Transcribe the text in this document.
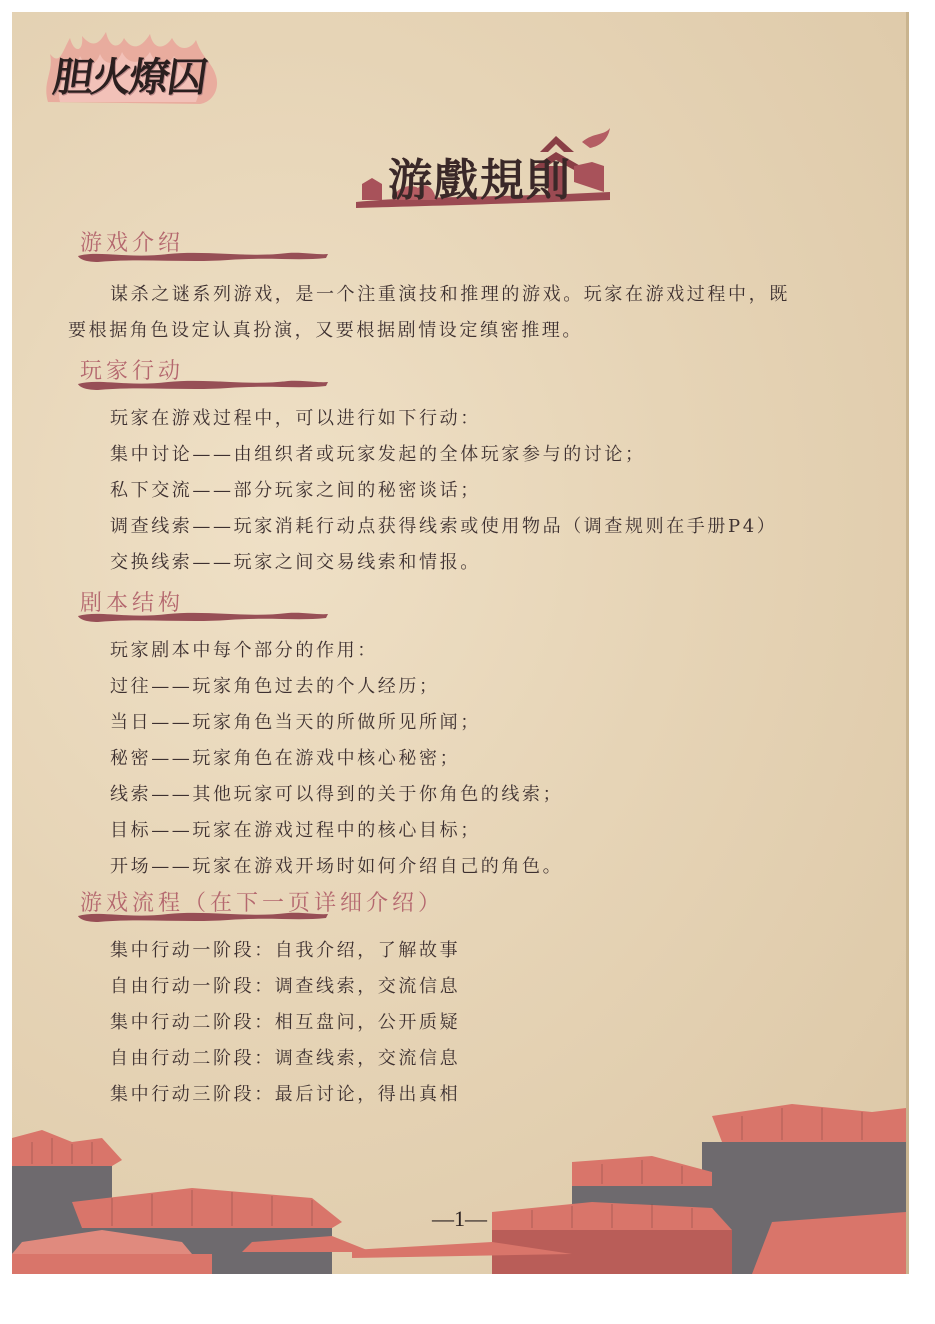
胆火燎囚
游戲規則
游戏介绍
谋杀之谜系列游戏，是一个注重演技和推理的游戏。玩家在游戏过程中，既
要根据角色设定认真扮演，又要根据剧情设定缜密推理。
玩家行动
玩家在游戏过程中，可以进行如下行动：
集中讨论——由组织者或玩家发起的全体玩家参与的讨论；
私下交流——部分玩家之间的秘密谈话；
调查线索——玩家消耗行动点获得线索或使用物品（调查规则在手册P4）
交换线索——玩家之间交易线索和情报。
剧本结构
玩家剧本中每个部分的作用：
过往——玩家角色过去的个人经历；
当日——玩家角色当天的所做所见所闻；
秘密——玩家角色在游戏中核心秘密；
线索——其他玩家可以得到的关于你角色的线索；
目标——玩家在游戏过程中的核心目标；
开场——玩家在游戏开场时如何介绍自己的角色。
游戏流程（在下一页详细介绍）
集中行动一阶段：自我介绍，了解故事
自由行动一阶段：调查线索，交流信息
集中行动二阶段：相互盘问，公开质疑
自由行动二阶段：调查线索，交流信息
集中行动三阶段：最后讨论，得出真相
—1—
